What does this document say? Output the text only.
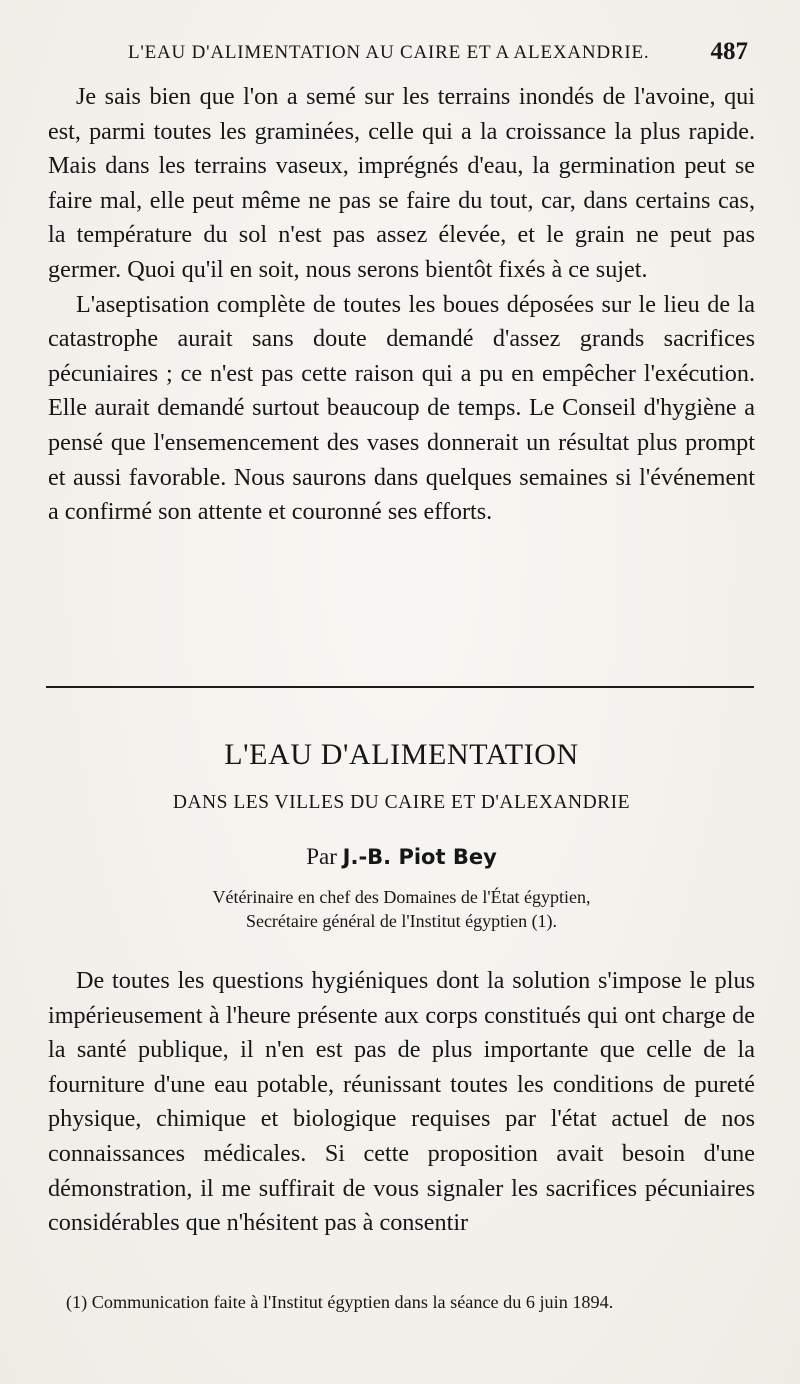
L'EAU D'ALIMENTATION AU CAIRE ET A ALEXANDRIE. 487

Je sais bien que l'on a semé sur les terrains inondés de l'avoine, qui est, parmi toutes les graminées, celle qui a la croissance la plus rapide. Mais dans les terrains vaseux, imprégnés d'eau, la germination peut se faire mal, elle peut même ne pas se faire du tout, car, dans certains cas, la température du sol n'est pas assez élevée, et le grain ne peut pas germer. Quoi qu'il en soit, nous serons bientôt fixés à ce sujet.

L'aseptisation complète de toutes les boues déposées sur le lieu de la catastrophe aurait sans doute demandé d'assez grands sacrifices pécuniaires ; ce n'est pas cette raison qui a pu en empêcher l'exécution. Elle aurait demandé surtout beaucoup de temps. Le Conseil d'hygiène a pensé que l'ensemencement des vases donnerait un résultat plus prompt et aussi favorable. Nous saurons dans quelques semaines si l'événement a confirmé son attente et couronné ses efforts.

L'EAU D'ALIMENTATION
DANS LES VILLES DU CAIRE ET D'ALEXANDRIE
Par J.-B. Piot Bey
Vétérinaire en chef des Domaines de l'État égyptien,
Secrétaire général de l'Institut égyptien (1).

De toutes les questions hygiéniques dont la solution s'impose le plus impérieusement à l'heure présente aux corps constitués qui ont charge de la santé publique, il n'en est pas de plus importante que celle de la fourniture d'une eau potable, réunissant toutes les conditions de pureté physique, chimique et biologique requises par l'état actuel de nos connaissances médicales. Si cette proposition avait besoin d'une démonstration, il me suffirait de vous signaler les sacrifices pécuniaires considérables que n'hésitent pas à consentir

(1) Communication faite à l'Institut égyptien dans la séance du 6 juin 1894.
